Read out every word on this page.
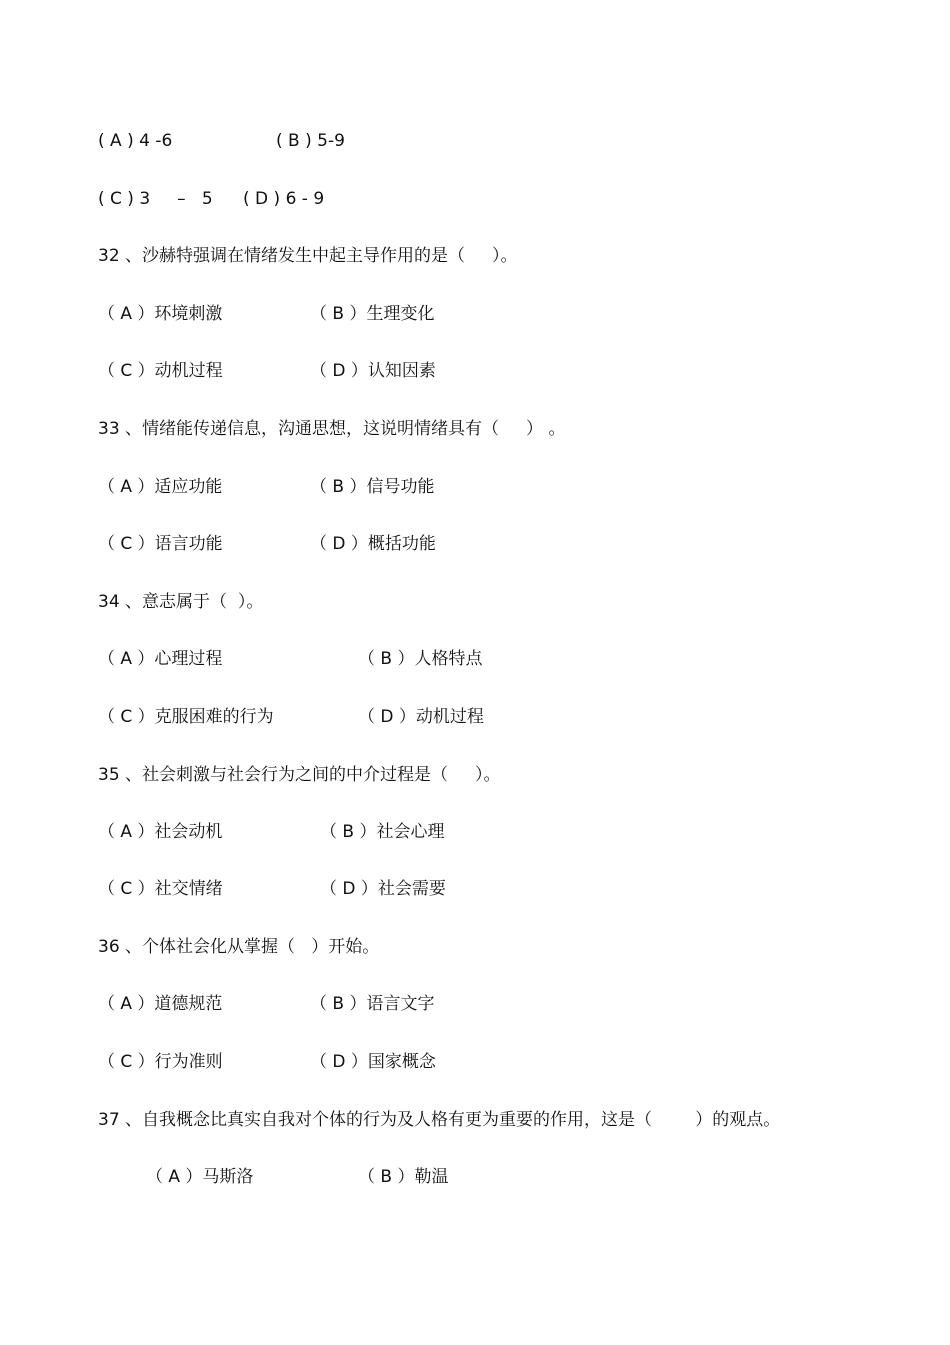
( A ) 4 -6	( B ) 5-9
( C ) 3     –   5 ( D ) 6 - 9
32 、沙赫特强调在情绪发生中起主导作用的是（     ）。
（ A ）环境刺激	（ B ）生理变化
（ C ）动机过程	（ D ）认知因素
33 、情绪能传递信息，沟通思想，这说明情绪具有（     ） 。
（ A ）适应功能	（ B ）信号功能
（ C ）语言功能	（ D ）概括功能
34 、意志属于（  ）。
（ A ）心理过程	（ B ）人格特点
（ C ）克服困难的行为	（ D ）动机过程
35 、社会刺激与社会行为之间的中介过程是（     ）。
（ A ）社会动机	（ B ）社会心理
（ C ）社交情绪	（ D ）社会需要
36 、个体社会化从掌握（   ）开始。
（ A ）道德规范	（ B ）语言文字
（ C ）行为准则	（ D ）国家概念
37 、自我概念比真实自我对个体的行为及人格有更为重要的作用，这是（        ）的观点。
（ A ）马斯洛	（ B ）勒温
